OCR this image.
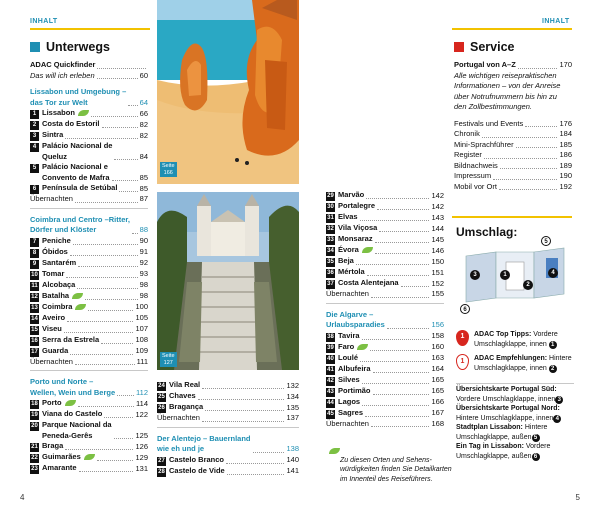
INHALT	INHALT
Unterwegs
ADAC Quickfinder
Das will ich erleben	60
Lissabon und Umgebung –
das Tor zur Welt	64
1 Lissabon	66
2 Costa do Estoril	82
3 Sintra	82
4 Palácio Nacional de
Queluz	84
5 Palácio Nacional e
Convento de Mafra	85
6 Península de Setúbal	85
Übernachten	87
Coimbra und Centro –Ritter,
Dörfer und Klöster	88
7 Peniche	90
8 Óbidos	91
9 Santarém	92
10 Tomar	93
11 Alcobaça	98
12 Batalha	98
13 Coimbra	100
14 Aveiro	105
15 Viseu	107
16 Serra da Estrela	108
17 Guarda	109
Übernachten	111
Porto und Norte –
Wellen, Wein und Berge	112
18 Porto	114
19 Viana do Castelo	122
20 Parque Nacional da
Peneda-Gerês	125
21 Braga	126
22 Guimarães	129
23 Amarante	131
Seite
166
Seite
127
24 Vila Real	132
25 Chaves	134
26 Bragança	135
Übernachten	137
Der Alentejo – Bauernland
wie eh und je	138
27 Castelo Branco	140
28 Castelo de Vide	141
29 Marvão	142
30 Portalegre	142
31 Elvas	143
32 Vila Viçosa	144
33 Monsaraz	145
34 Évora	146
35 Beja	150
36 Mértola	151
37 Costa Alentejana	152
Übernachten	155
Die Algarve –
Urlaubsparadies	156
38 Tavira	158
39 Faro	160
40 Loulé	163
41 Albufeira	164
42 Silves	165
43 Portimão	165
44 Lagos	166
45 Sagres	167
Übernachten	168

Zu diesen Orten und Sehens-
würdigkeiten finden Sie Detailkarten
im Innenteil des Reiseführers.
Service
Portugal von A–Z	170
Alle wichtigen reisepraktischen
Informationen – von der Anreise
über Notrufnummern bis hin zu
den Zollbestimmungen.
Festivals und Events	176
Chronik	184
Mini-Sprachführer	185
Register	186
Bildnachweis	189
Impressum	190
Mobil vor Ort	192
Umschlag:
5
3	1	4
2
6
1	ADAC Top Tipps: Vordere
Umschlagklappe, innen 1
1	ADAC Empfehlungen: Hintere
Umschlagklappe, innen 2
Übersichtskarte Portugal Süd:
Vordere Umschlagklappe, innen 3
Übersichtskarte Portugal Nord:
Hintere Umschlagklappe, innen 4
Stadtplan Lissabon: Hintere
Umschlagklappe, außen 5
Ein Tag in Lissabon: Vordere
Umschlagklappe, außen 6
4	5
